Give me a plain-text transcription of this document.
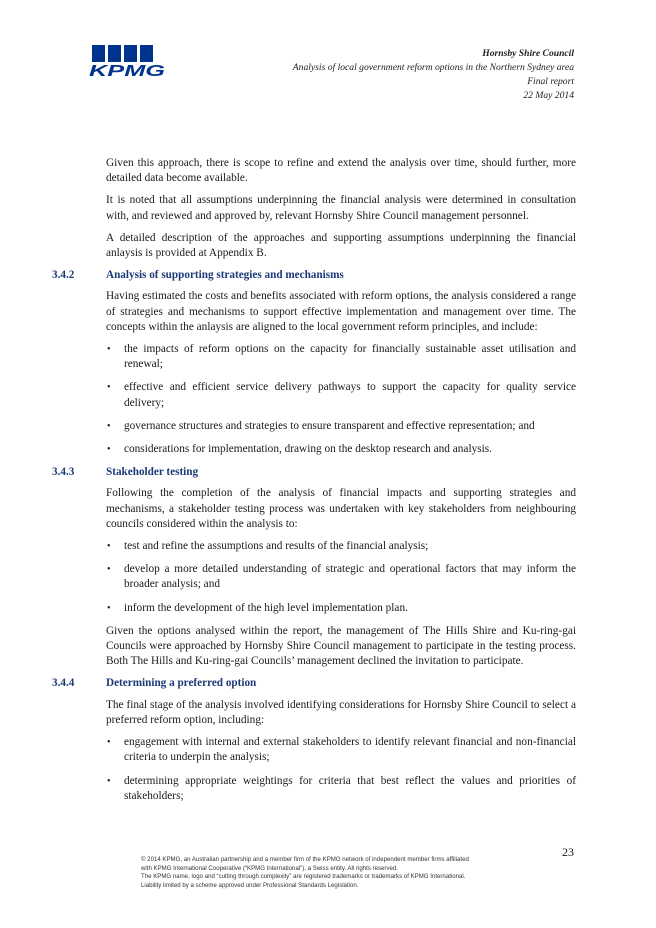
KPMG
Hornsby Shire Council
Analysis of local government reform options in the Northern Sydney area
Final report
22 May 2014

Given this approach, there is scope to refine and extend the analysis over time, should further, more detailed data become available.

It is noted that all assumptions underpinning the financial analysis were determined in consultation with, and reviewed and approved by, relevant Hornsby Shire Council management personnel.

A detailed description of the approaches and supporting assumptions underpinning the financial anlaysis is provided at Appendix B.

3.4.2	Analysis of supporting strategies and mechanisms

Having estimated the costs and benefits associated with reform options, the analysis considered a range of strategies and mechanisms to support effective implementation and management over time. The concepts within the anlaysis are aligned to the local government reform principles, and include:

• the impacts of reform options on the capacity for financially sustainable asset utilisation and renewal;
• effective and efficient service delivery pathways to support the capacity for quality service delivery;
• governance structures and strategies to ensure transparent and effective representation; and
• considerations for implementation, drawing on the desktop research and analysis.
3.4.3	Stakeholder testing

Following the completion of the analysis of financial impacts and supporting strategies and mechanisms, a stakeholder testing process was undertaken with key stakeholders from neighbouring councils considered within the analysis to:

• test and refine the assumptions and results of the financial analysis;
• develop a more detailed understanding of strategic and operational factors that may inform the broader analysis; and
• inform the development of the high level implementation plan.

Given the options analysed within the report, the management of The Hills Shire and Ku-ring-gai Councils were approached by Hornsby Shire Council management to participate in the testing process. Both The Hills and Ku-ring-gai Councils’ management declined the invitation to participate.

3.4.4	Determining a preferred option

The final stage of the analysis involved identifying considerations for Hornsby Shire Council to select a preferred reform option, including:

• engagement with internal and external stakeholders to identify relevant financial and non-financial criteria to underpin the analysis;
• determining appropriate weightings for criteria that best reflect the values and priorities of stakeholders;
23
© 2014 KPMG, an Australian partnership and a member firm of the KPMG network of independent member firms affiliated
with KPMG International Cooperative (“KPMG International”), a Swiss entity. All rights reserved.
The KPMG name, logo and “cutting through complexity” are registered trademarks or trademarks of KPMG International.
Liability limited by a scheme approved under Professional Standards Legislation.
